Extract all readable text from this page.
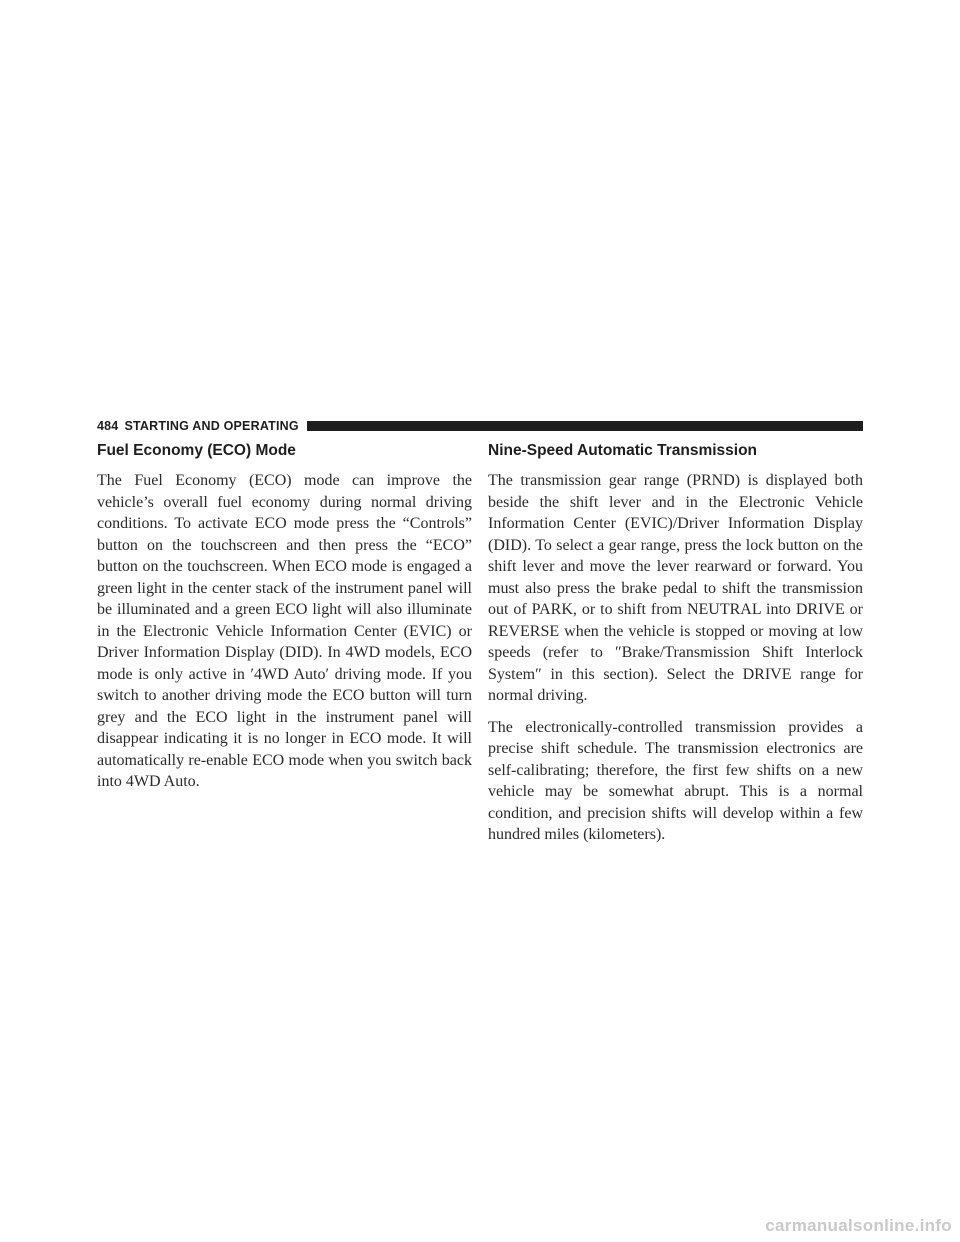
484 STARTING AND OPERATING
Fuel Economy (ECO) Mode

The Fuel Economy (ECO) mode can improve the vehicle’s overall fuel economy during normal driving conditions. To activate ECO mode press the “Controls” button on the touchscreen and then press the “ECO” button on the touchscreen. When ECO mode is engaged a green light in the center stack of the instrument panel will be illuminated and a green ECO light will also illuminate in the Electronic Vehicle Information Center (EVIC) or Driver Information Display (DID). In 4WD models, ECO mode is only active in ′4WD Auto′ driving mode. If you switch to another driving mode the ECO button will turn grey and the ECO light in the instrument panel will disappear indicating it is no longer in ECO mode. It will automatically re-enable ECO mode when you switch back into 4WD Auto.

Nine-Speed Automatic Transmission

The transmission gear range (PRND) is displayed both beside the shift lever and in the Electronic Vehicle Information Center (EVIC)/Driver Information Display (DID). To select a gear range, press the lock button on the shift lever and move the lever rearward or forward. You must also press the brake pedal to shift the transmission out of PARK, or to shift from NEUTRAL into DRIVE or REVERSE when the vehicle is stopped or moving at low speeds (refer to ″Brake/Transmission Shift Interlock System″ in this section). Select the DRIVE range for normal driving.

The electronically-controlled transmission provides a precise shift schedule. The transmission electronics are self-calibrating; therefore, the first few shifts on a new vehicle may be somewhat abrupt. This is a normal condition, and precision shifts will develop within a few hundred miles (kilometers).

carmanualsonline.info
